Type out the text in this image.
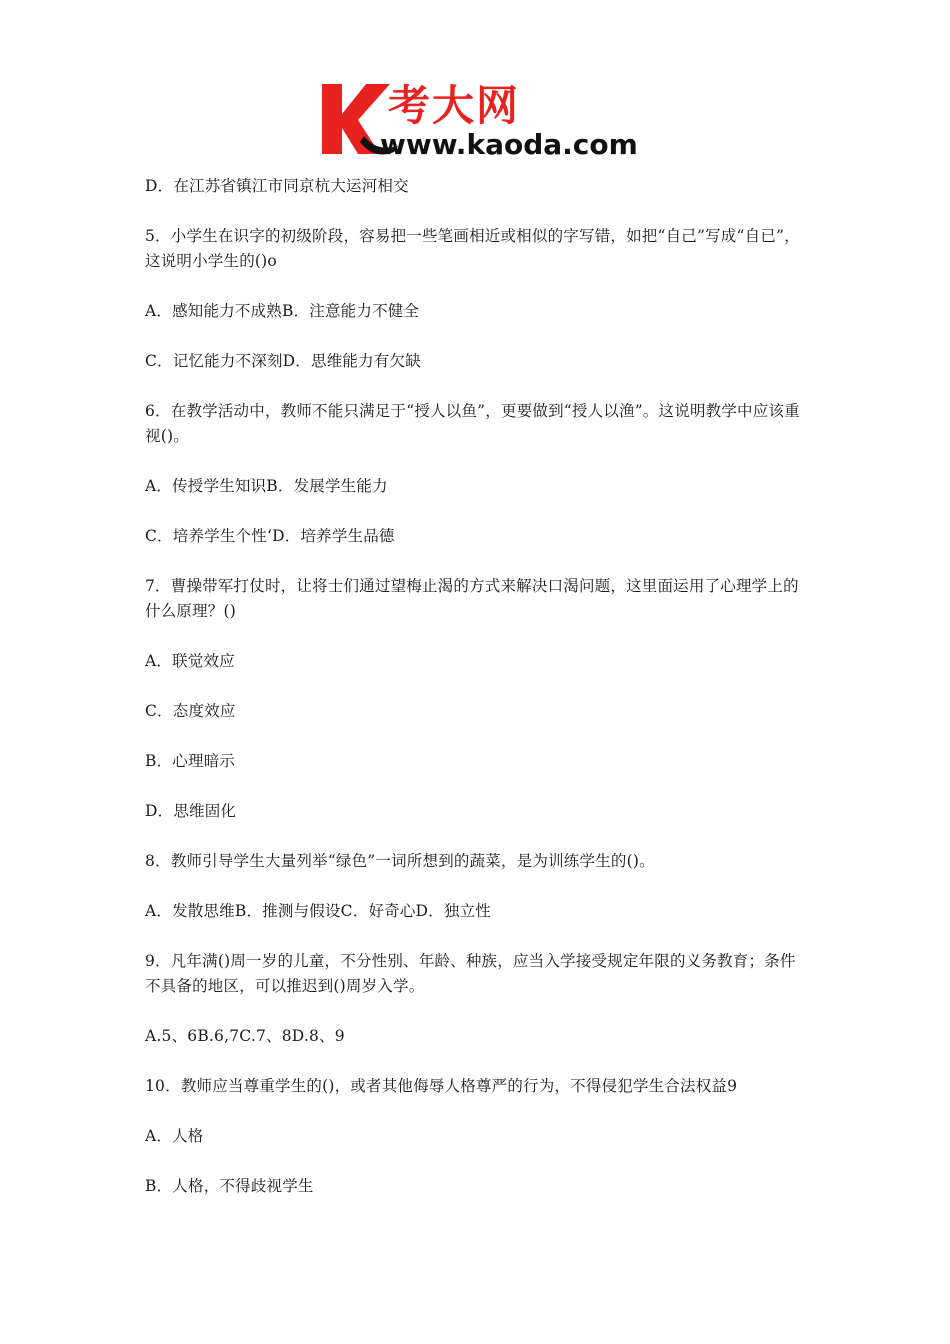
考大网
www.kaoda.com
D．在江苏省镇江市同京杭大运河相交
5．小学生在识字的初级阶段，容易把一些笔画相近或相似的字写错，如把“自己”写成“自已”，这说明小学生的()o
A．感知能力不成熟B．注意能力不健全
C．记忆能力不深刻D．思维能力有欠缺
6．在教学活动中，教师不能只满足于“授人以鱼”，更要做到“授人以渔”。这说明教学中应该重视()。
A．传授学生知识B．发展学生能力
C．培养学生个性‘D．培养学生品德
7．曹操带军打仗时，让将士们通过望梅止渴的方式来解决口渴问题，这里面运用了心理学上的什么原理？()
A．联觉效应
C．态度效应
B．心理暗示
D．思维固化
8．教师引导学生大量列举“绿色”一词所想到的蔬菜，是为训练学生的()。
A．发散思维B．推测与假设C．好奇心D．独立性
9．凡年满()周一岁的儿童，不分性别、年龄、种族，应当入学接受规定年限的义务教育；条件不具备的地区，可以推迟到()周岁入学。
A.5、6B.6,7C.7、8D.8、9
10．教师应当尊重学生的()，或者其他侮辱人格尊严的行为，不得侵犯学生合法权益9
A．人格
B．人格，不得歧视学生
